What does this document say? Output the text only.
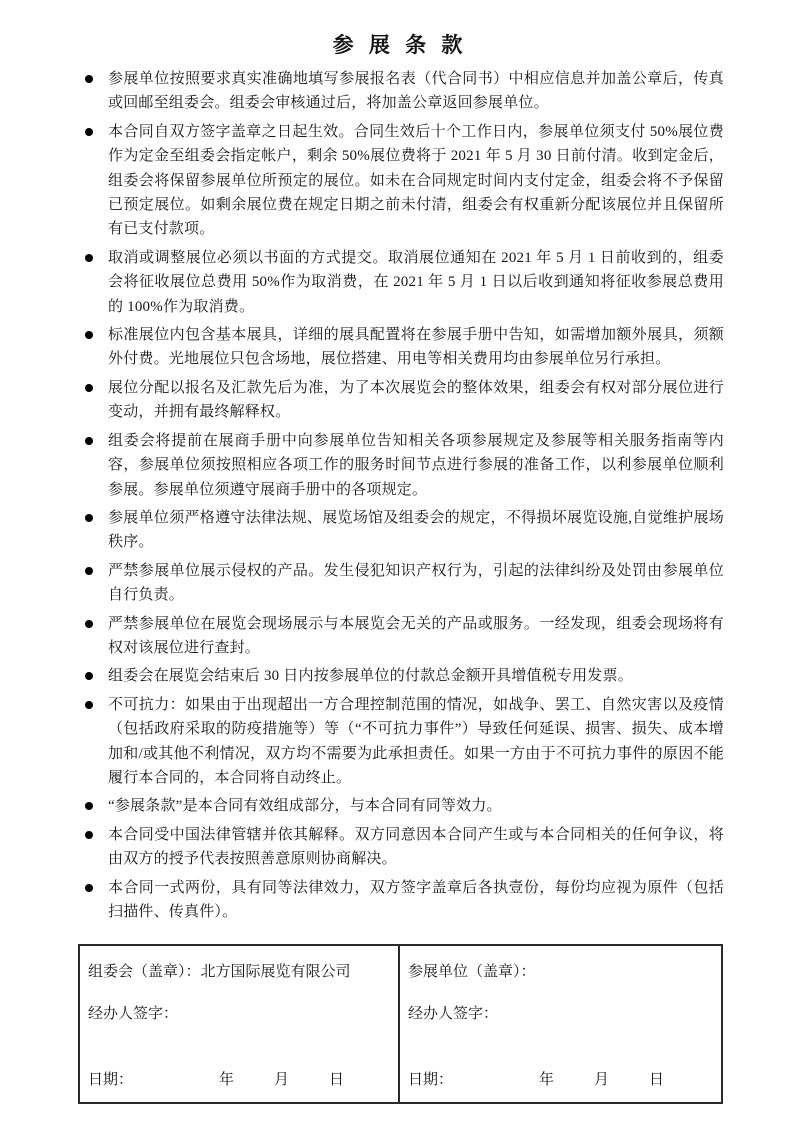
参 展 条 款
参展单位按照要求真实准确地填写参展报名表（代合同书）中相应信息并加盖公章后，传真或回邮至组委会。组委会审核通过后，将加盖公章返回参展单位。
本合同自双方签字盖章之日起生效。合同生效后十个工作日内，参展单位须支付 50%展位费作为定金至组委会指定帐户，剩余 50%展位费将于 2021 年 5 月 30 日前付清。收到定金后，组委会将保留参展单位所预定的展位。如未在合同规定时间内支付定金，组委会将不予保留已预定展位。如剩余展位费在规定日期之前未付清，组委会有权重新分配该展位并且保留所有已支付款项。
取消或调整展位必须以书面的方式提交。取消展位通知在 2021 年 5 月 1 日前收到的，组委会将征收展位总费用 50%作为取消费，在 2021 年 5 月 1 日以后收到通知将征收参展总费用的 100%作为取消费。
标准展位内包含基本展具，详细的展具配置将在参展手册中告知，如需增加额外展具，须额外付费。光地展位只包含场地，展位搭建、用电等相关费用均由参展单位另行承担。
展位分配以报名及汇款先后为准，为了本次展览会的整体效果，组委会有权对部分展位进行变动，并拥有最终解释权。
组委会将提前在展商手册中向参展单位告知相关各项参展规定及参展等相关服务指南等内容，参展单位须按照相应各项工作的服务时间节点进行参展的准备工作，以利参展单位顺利参展。参展单位须遵守展商手册中的各项规定。
参展单位须严格遵守法律法规、展览场馆及组委会的规定，不得损坏展览设施,自觉维护展场秩序。
严禁参展单位展示侵权的产品。发生侵犯知识产权行为，引起的法律纠纷及处罚由参展单位自行负责。
严禁参展单位在展览会现场展示与本展览会无关的产品或服务。一经发现，组委会现场将有权对该展位进行查封。
组委会在展览会结束后 30 日内按参展单位的付款总金额开具增值税专用发票。
不可抗力：如果由于出现超出一方合理控制范围的情况，如战争、罢工、自然灾害以及疫情（包括政府采取的防疫措施等）等（“不可抗力事件”）导致任何延误、损害、损失、成本增加和/或其他不利情况，双方均不需要为此承担责任。如果一方由于不可抗力事件的原因不能履行本合同的，本合同将自动终止。
“参展条款”是本合同有效组成部分，与本合同有同等效力。
本合同受中国法律管辖并依其解释。双方同意因本合同产生或与本合同相关的任何争议，将由双方的授予代表按照善意原则协商解决。
本合同一式两份，具有同等法律效力，双方签字盖章后各执壹份，每份均应视为原件（包括扫描件、传真件）。
组委会（盖章）：北方国际展览有限公司
经办人签字：
日期：	年	月	日

参展单位（盖章）：
经办人签字：
日期：	年	月	日
